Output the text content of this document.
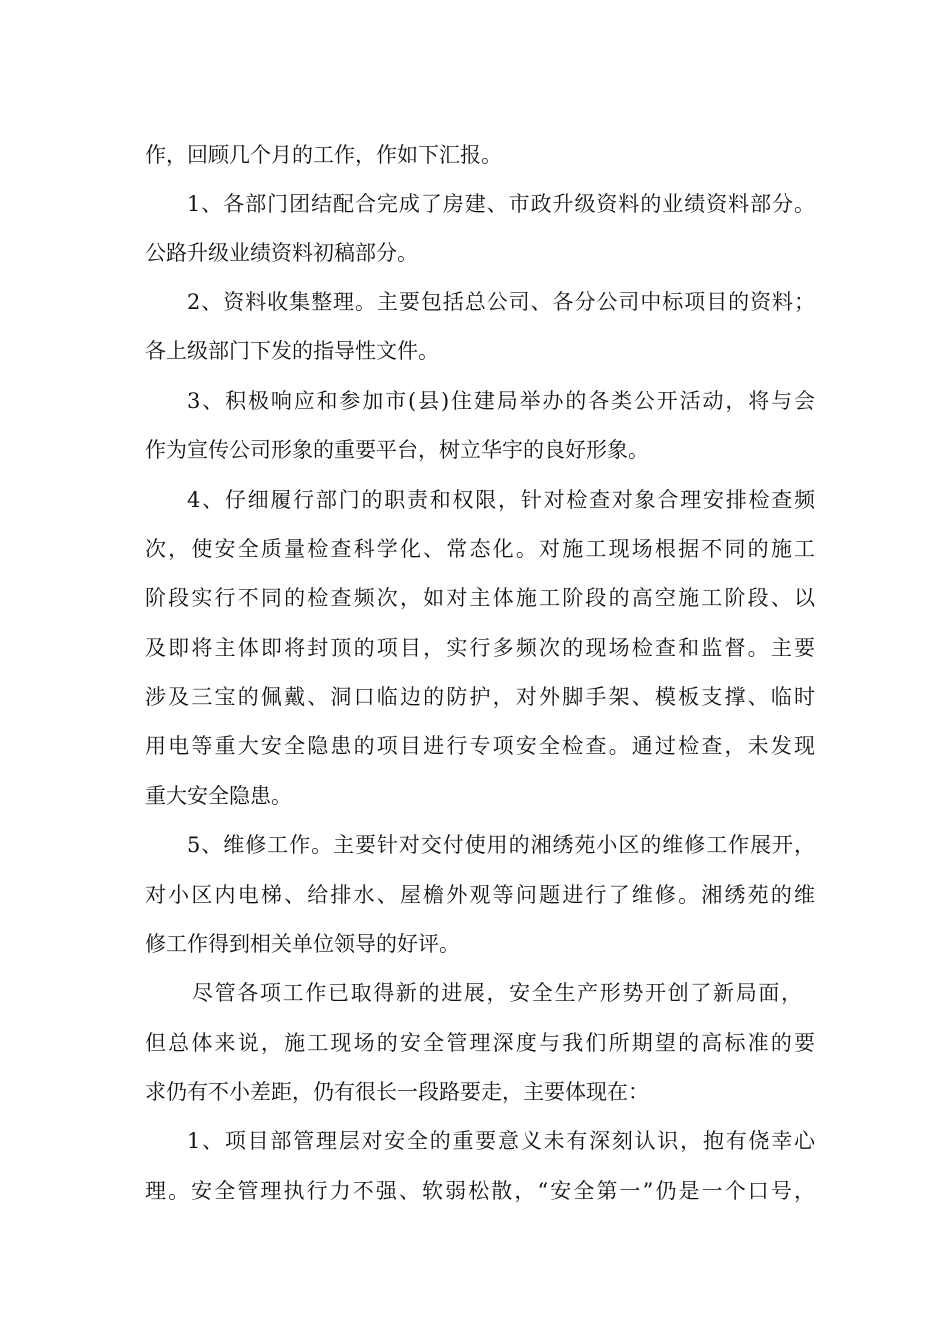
作，回顾几个月的工作，作如下汇报。
1、各部门团结配合完成了房建、市政升级资料的业绩资料部分。
公路升级业绩资料初稿部分。
2、资料收集整理。主要包括总公司、各分公司中标项目的资料；
各上级部门下发的指导性文件。
3、积极响应和参加市(县)住建局举办的各类公开活动，将与会
作为宣传公司形象的重要平台，树立华宇的良好形象。
4、仔细履行部门的职责和权限，针对检查对象合理安排检查频
次，使安全质量检查科学化、常态化。对施工现场根据不同的施工
阶段实行不同的检查频次，如对主体施工阶段的高空施工阶段、以
及即将主体即将封顶的项目，实行多频次的现场检查和监督。主要
涉及三宝的佩戴、洞口临边的防护，对外脚手架、模板支撑、临时
用电等重大安全隐患的项目进行专项安全检查。通过检查，未发现
重大安全隐患。
5、维修工作。主要针对交付使用的湘绣苑小区的维修工作展开，
对小区内电梯、给排水、屋檐外观等问题进行了维修。湘绣苑的维
修工作得到相关单位领导的好评。
尽管各项工作已取得新的进展，安全生产形势开创了新局面，
但总体来说，施工现场的安全管理深度与我们所期望的高标准的要
求仍有不小差距，仍有很长一段路要走，主要体现在：
1、项目部管理层对安全的重要意义未有深刻认识，抱有侥幸心
理。安全管理执行力不强、软弱松散，“安全第一”仍是一个口号，
